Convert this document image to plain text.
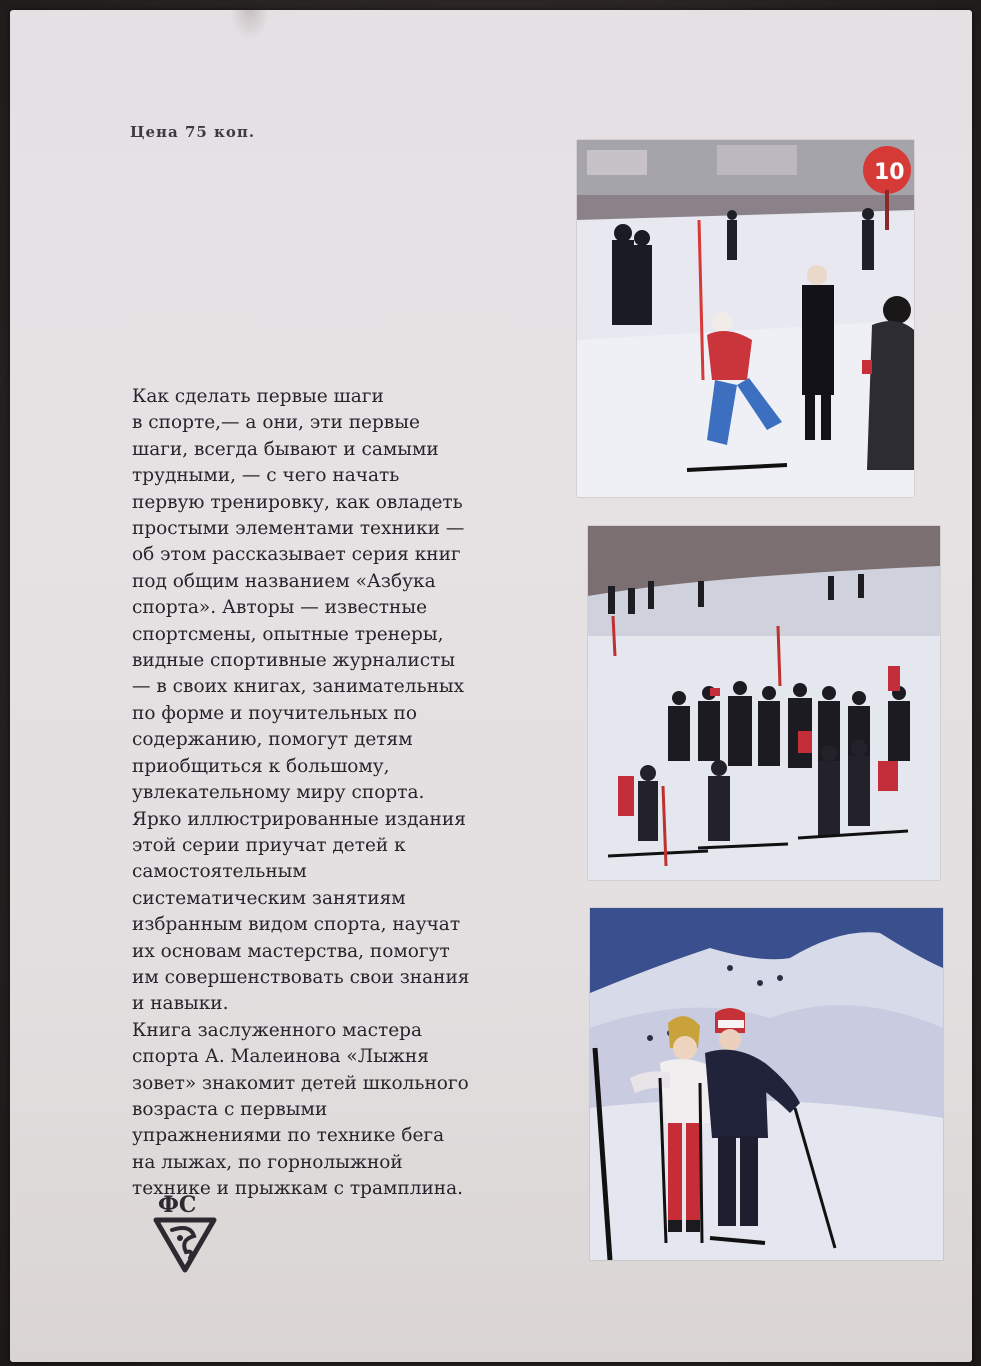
Цена 75 коп.
Как сделать первые шаги
в спорте,— а они, эти первые
шаги, всегда бывают и самыми
трудными, — с чего начать
первую тренировку, как овладеть
простыми элементами техники —
об этом рассказывает серия книг
под общим названием «Азбука
спорта». Авторы — известные
спортсмены, опытные тренеры,
видные спортивные журналисты
— в своих книгах, занимательных
по форме и поучительных по
содержанию, помогут детям
приобщиться к большому,
увлекательному миру спорта.
Ярко иллюстрированные издания
этой серии приучат детей к
самостоятельным
систематическим занятиям
избранным видом спорта, научат
их основам мастерства, помогут
им совершенствовать свои знания
и навыки.
Книга заслуженного мастера
спорта А. Малеинова «Лыжня
зовет» знакомит детей школьного
возраста с первыми
упражнениями по технике бега
на лыжах, по горнолыжной
технике и прыжкам с трамплина.
ФС
10
